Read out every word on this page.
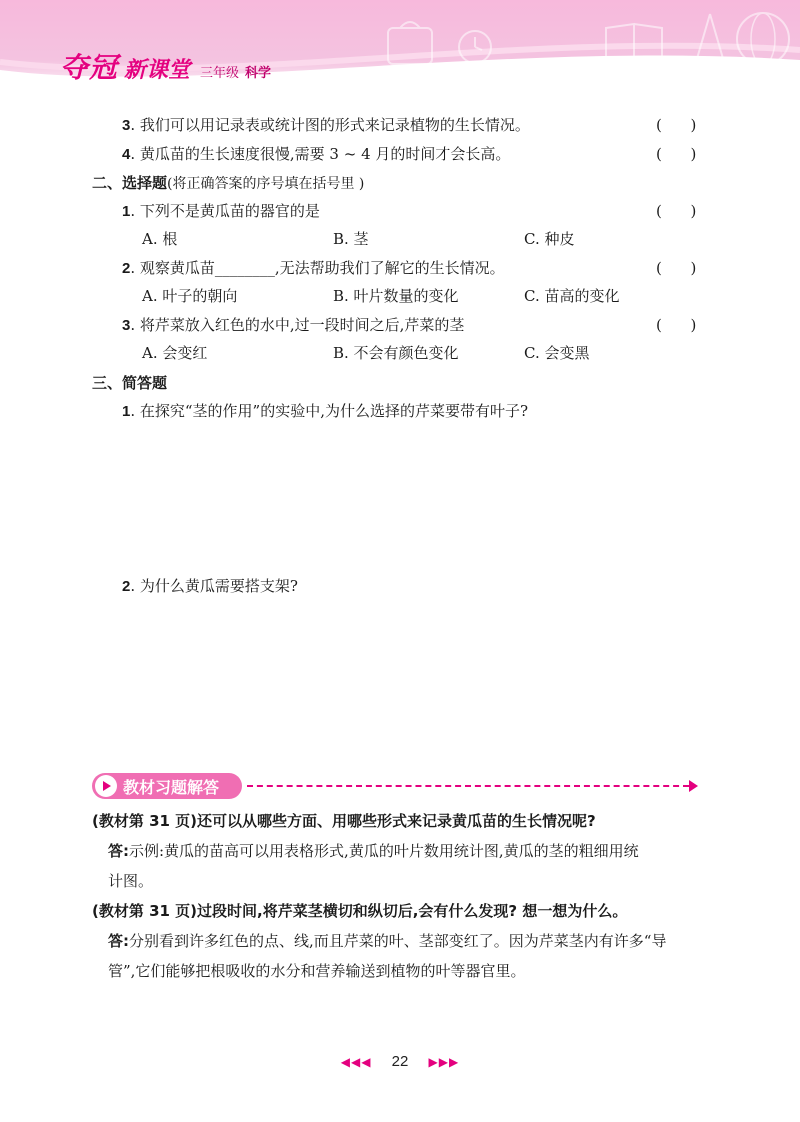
夺冠 新课堂 三年级 科学
3. 我们可以用记录表或统计图的形式来记录植物的生长情况。	(      )
4. 黄瓜苗的生长速度很慢,需要 3 ~ 4 月的时间才会长高。	(      )
二、选择题(将正确答案的序号填在括号里 )
1. 下列不是黄瓜苗的器官的是	(      )
A. 根	B. 茎	C. 种皮
2. 观察黄瓜苗________,无法帮助我们了解它的生长情况。	(      )
A. 叶子的朝向	B. 叶片数量的变化	C. 苗高的变化
3. 将芹菜放入红色的水中,过一段时间之后,芹菜的茎	(      )
A. 会变红	B. 不会有颜色变化	C. 会变黑
三、简答题
1. 在探究“茎的作用”的实验中,为什么选择的芹菜要带有叶子?
2. 为什么黄瓜需要搭支架?
教材习题解答
(教材第 31 页)还可以从哪些方面、用哪些形式来记录黄瓜苗的生长情况呢?
答:示例:黄瓜的苗高可以用表格形式,黄瓜的叶片数用统计图,黄瓜的茎的粗细用统
计图。
(教材第 31 页)过段时间,将芹菜茎横切和纵切后,会有什么发现? 想一想为什么。
答:分别看到许多红色的点、线,而且芹菜的叶、茎部变红了。因为芹菜茎内有许多“导
管”,它们能够把根吸收的水分和营养输送到植物的叶等器官里。
◀◀◀ 22 ▶▶▶
